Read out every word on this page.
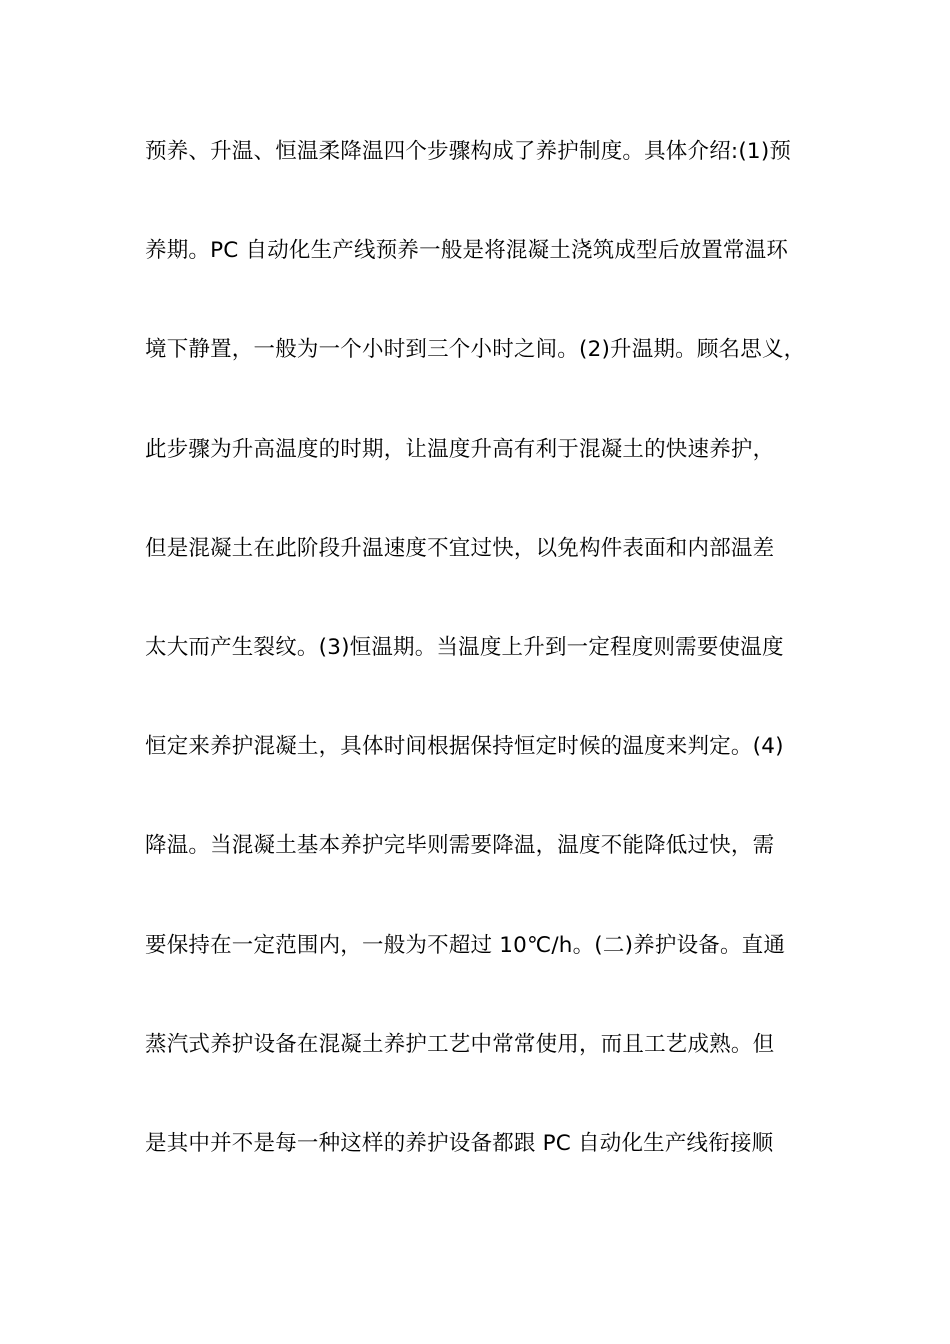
预养、升温、恒温柔降温四个步骤构成了养护制度。具体介绍:(1)预
养期。PC 自动化生产线预养一般是将混凝土浇筑成型后放置常温环
境下静置，一般为一个小时到三个小时之间。(2)升温期。顾名思义，
此步骤为升高温度的时期，让温度升高有利于混凝土的快速养护，
但是混凝土在此阶段升温速度不宜过快，以免构件表面和内部温差
太大而产生裂纹。(3)恒温期。当温度上升到一定程度则需要使温度
恒定来养护混凝土，具体时间根据保持恒定时候的温度来判定。(4)
降温。当混凝土基本养护完毕则需要降温，温度不能降低过快，需
要保持在一定范围内，一般为不超过 10℃/h。(二)养护设备。直通
蒸汽式养护设备在混凝土养护工艺中常常使用，而且工艺成熟。但
是其中并不是每一种这样的养护设备都跟 PC 自动化生产线衔接顺
